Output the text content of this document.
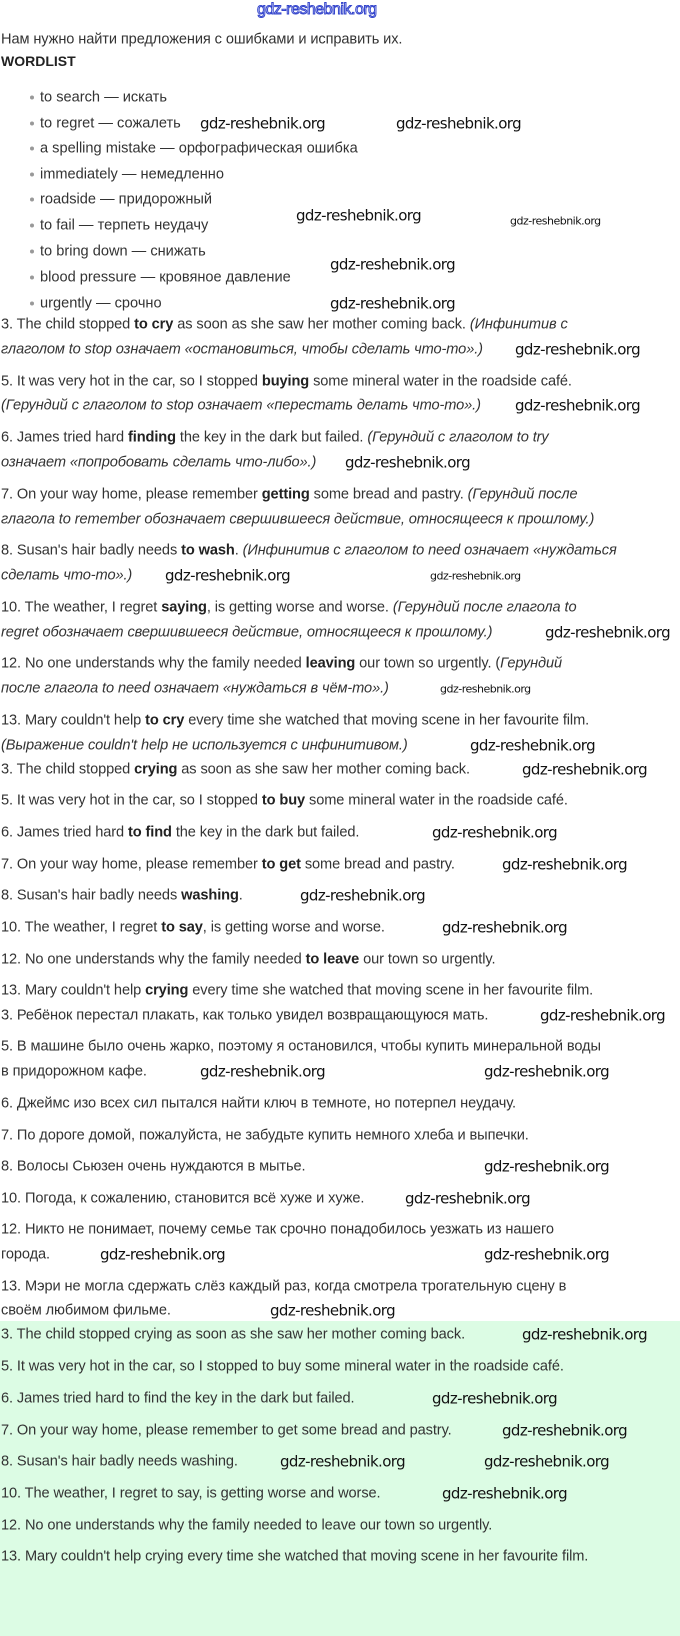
gdz-reshebnik.org
Нам нужно найти предложения с ошибками и исправить их.
WORDLIST
to search — искать
to regret — сожалеть
a spelling mistake — орфографическая ошибка
immediately — немедленно
roadside — придорожный
to fail — терпеть неудачу
to bring down — снижать
blood pressure — кровяное давление
urgently — срочно
3. The child stopped to cry as soon as she saw her mother coming back. (Инфинитив с
глаголом to stop означает «остановиться, чтобы сделать что-то».)
5. It was very hot in the car, so I stopped buying some mineral water in the roadside café.
(Герундий с глаголом to stop означает «перестать делать что-то».)
6. James tried hard finding the key in the dark but failed. (Герундий с глаголом to try
означает «попробовать сделать что-либо».)
7. On your way home, please remember getting some bread and pastry. (Герундий после
глагола to remember обозначает свершившееся действие, относящееся к прошлому.)
8. Susan's hair badly needs to wash. (Инфинитив с глаголом to need означает «нуждаться
сделать что-то».)
10. The weather, I regret saying, is getting worse and worse. (Герундий после глагола to
regret обозначает свершившееся действие, относящееся к прошлому.)
12. No one understands why the family needed leaving our town so urgently. (Герундий
после глагола to need означает «нуждаться в чём-то».)
13. Mary couldn't help to cry every time she watched that moving scene in her favourite film.
(Выражение couldn't help не используется с инфинитивом.)
3. The child stopped crying as soon as she saw her mother coming back.
5. It was very hot in the car, so I stopped to buy some mineral water in the roadside café.
6. James tried hard to find the key in the dark but failed.
7. On your way home, please remember to get some bread and pastry.
8. Susan's hair badly needs washing.
10. The weather, I regret to say, is getting worse and worse.
12. No one understands why the family needed to leave our town so urgently.
13. Mary couldn't help crying every time she watched that moving scene in her favourite film.
3. Ребёнок перестал плакать, как только увидел возвращающуюся мать.
5. В машине было очень жарко, поэтому я остановился, чтобы купить минеральной воды
в придорожном кафе.
6. Джеймс изо всех сил пытался найти ключ в темноте, но потерпел неудачу.
7. По дороге домой, пожалуйста, не забудьте купить немного хлеба и выпечки.
8. Волосы Сьюзен очень нуждаются в мытье.
10. Погода, к сожалению, становится всё хуже и хуже.
12. Никто не понимает, почему семье так срочно понадобилось уезжать из нашего
города.
13. Мэри не могла сдержать слёз каждый раз, когда смотрела трогательную сцену в
своём любимом фильме.
3. The child stopped crying as soon as she saw her mother coming back.
5. It was very hot in the car, so I stopped to buy some mineral water in the roadside café.
6. James tried hard to find the key in the dark but failed.
7. On your way home, please remember to get some bread and pastry.
8. Susan's hair badly needs washing.
10. The weather, I regret to say, is getting worse and worse.
12. No one understands why the family needed to leave our town so urgently.
13. Mary couldn't help crying every time she watched that moving scene in her favourite film.
gdz-reshebnik.org	gdz-reshebnik.org
gdz-reshebnik.org	gdz-reshebnik.org
gdz-reshebnik.org
gdz-reshebnik.org
gdz-reshebnik.org
gdz-reshebnik.org
gdz-reshebnik.org
gdz-reshebnik.org	gdz-reshebnik.org
gdz-reshebnik.org
gdz-reshebnik.org
gdz-reshebnik.org
gdz-reshebnik.org
gdz-reshebnik.org
gdz-reshebnik.org
gdz-reshebnik.org
gdz-reshebnik.org
gdz-reshebnik.org
gdz-reshebnik.org
gdz-reshebnik.org
gdz-reshebnik.org
gdz-reshebnik.org
gdz-reshebnik.org
gdz-reshebnik.org
gdz-reshebnik.org
gdz-reshebnik.org
gdz-reshebnik.org
gdz-reshebnik.org
gdz-reshebnik.org
gdz-reshebnik.org
gdz-reshebnik.org
